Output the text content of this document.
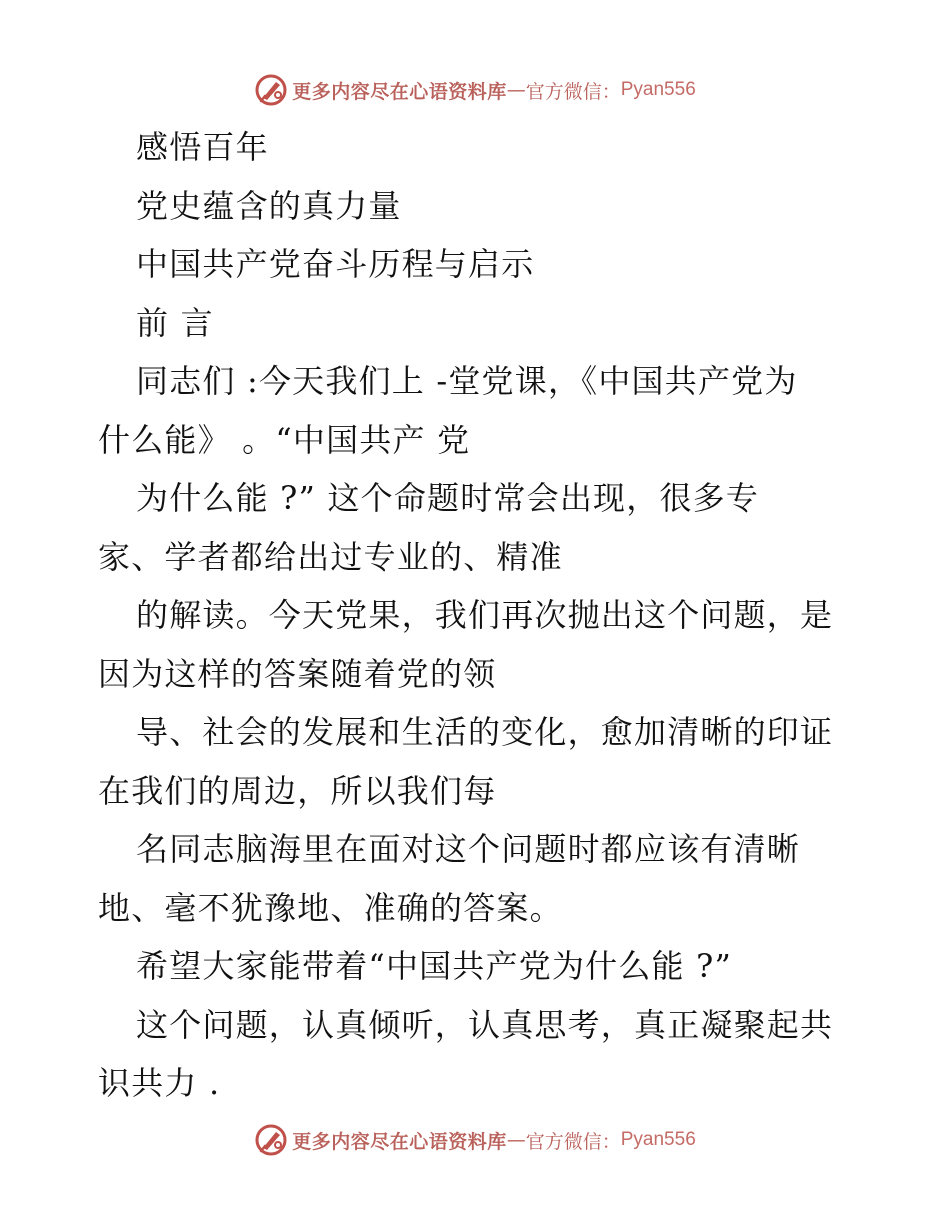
更多内容尽在心语资料库 — 官方微信： Pyan556
感悟百年
党史蕴含的真力量
中国共产党奋斗历程与启示
前 言
同志们 :今天我们上 -堂党课，《中国共产党为
什么能》 。“中国共产 党
为什么能 ?” 这个命题时常会出现，很多专
家、学者都给出过专业的、精准
的解读。今天党果，我们再次抛出这个问题，是
因为这样的答案随着党的领
导、社会的发展和生活的变化，愈加清晰的印证
在我们的周边，所以我们每
名同志脑海里在面对这个问题时都应该有清晰
地、毫不犹豫地、准确的答案。
希望大家能带着“中国共产党为什么能 ?”
这个问题，认真倾听，认真思考，真正凝聚起共
识共力 .
更多内容尽在心语资料库 — 官方微信： Pyan556
